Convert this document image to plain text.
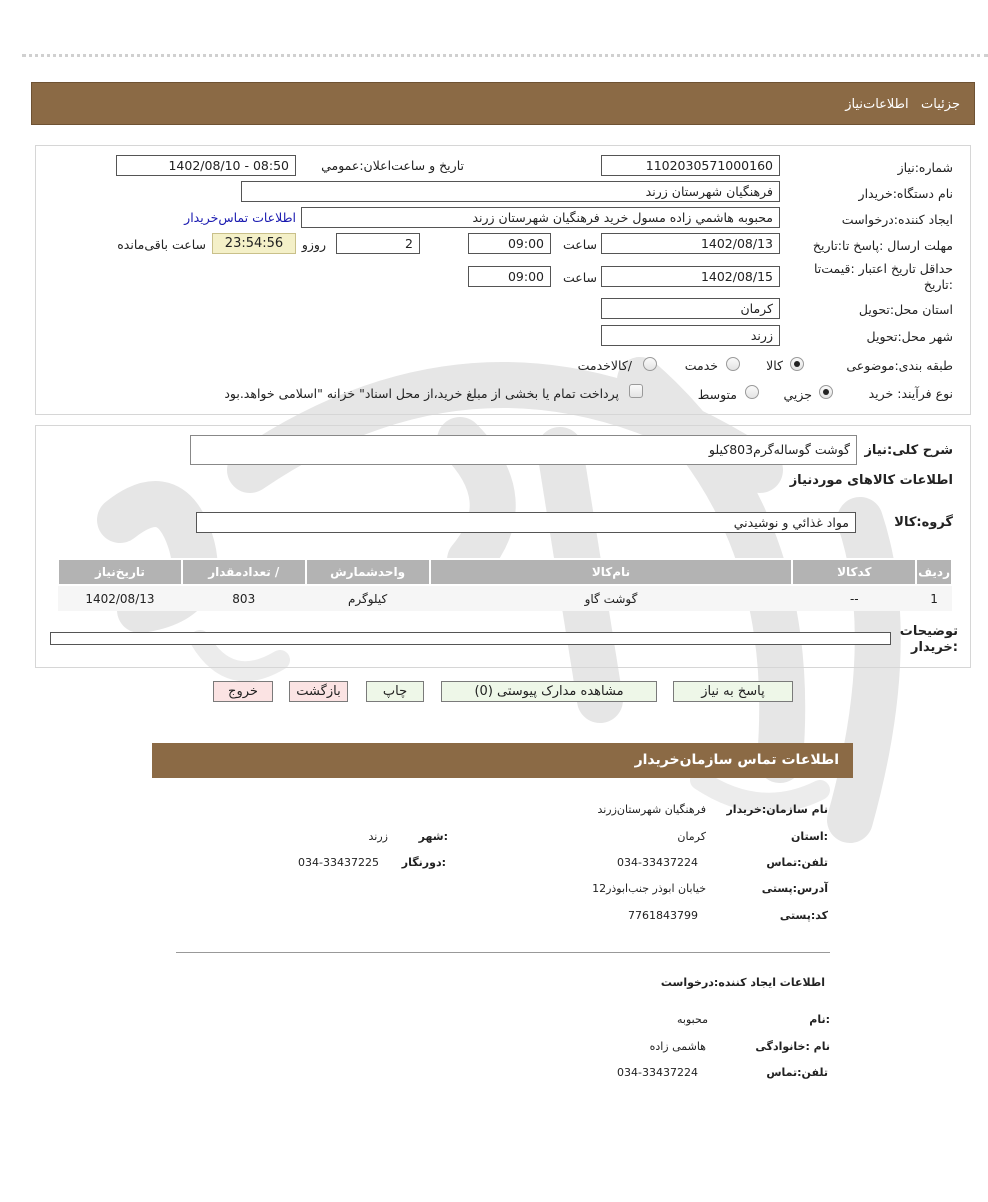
جزئیات   اطلاعات‌نیاز
شماره:نیاز
1102030571000160
تاریخ و ساعت‌اعلان:عمومي
1402/08/10 - 08:50
نام دستگاه:خریدار
فرهنگيان شهرستان زرند
ایجاد کننده:درخواست
محبوبه هاشمي زاده مسول خريد فرهنگيان شهرستان زرند
اطلاعات تماس‌خریدار
مهلت ارسال :پاسخ تا:تاریخ
1402/08/13
ساعت
09:00
2
روزو
23:54:56
ساعت باقی‌مانده
حداقل تاریخ اعتبار :قیمت‌تا :تاریخ
1402/08/15
ساعت
09:00
استان محل:تحویل
کرمان
شهر محل:تحویل
زرند
طبقه بندی:موضوعی
کالا
خدمت
/کالاخدمت
نوع فرآیند: خرید
جزيي
متوسط
پرداخت تمام یا بخشی از مبلغ خرید،از محل اسناد" خزانه "اسلامی خواهد.بود
شرح کلی:نیاز
گوشت گوساله‌گرم803کیلو
اطلاعات کالاهای موردنیاز
گروه:کالا
مواد غذائي و نوشيدني
ردیف	کدکالا	نام‌کالا	واحدشمارش	/ تعدادمقدار	تاریخ‌نیاز
1	--	گوشت گاو	کیلوگرم	803	1402/08/13
توضیحات :خریدار
پاسخ به نیاز
مشاهده مدارک پیوستی (0)
چاپ
بازگشت
خروج
اطلاعات تماس سازمان‌خریدار
نام سازمان:خریدار
فرهنگیان شهرستان‌زرند
:استان
کرمان
:شهر
زرند
تلفن:تماس
034-33437224
:دورنگار
034-33437225
آدرس:پستی
خیابان ابوذر جنب‌ابوذر12
کد:پستی
7761843799
اطلاعات ایجاد کننده:درخواست
:نام
محبوبه
نام :خانوادگی
هاشمی زاده
تلفن:تماس
034-33437224
